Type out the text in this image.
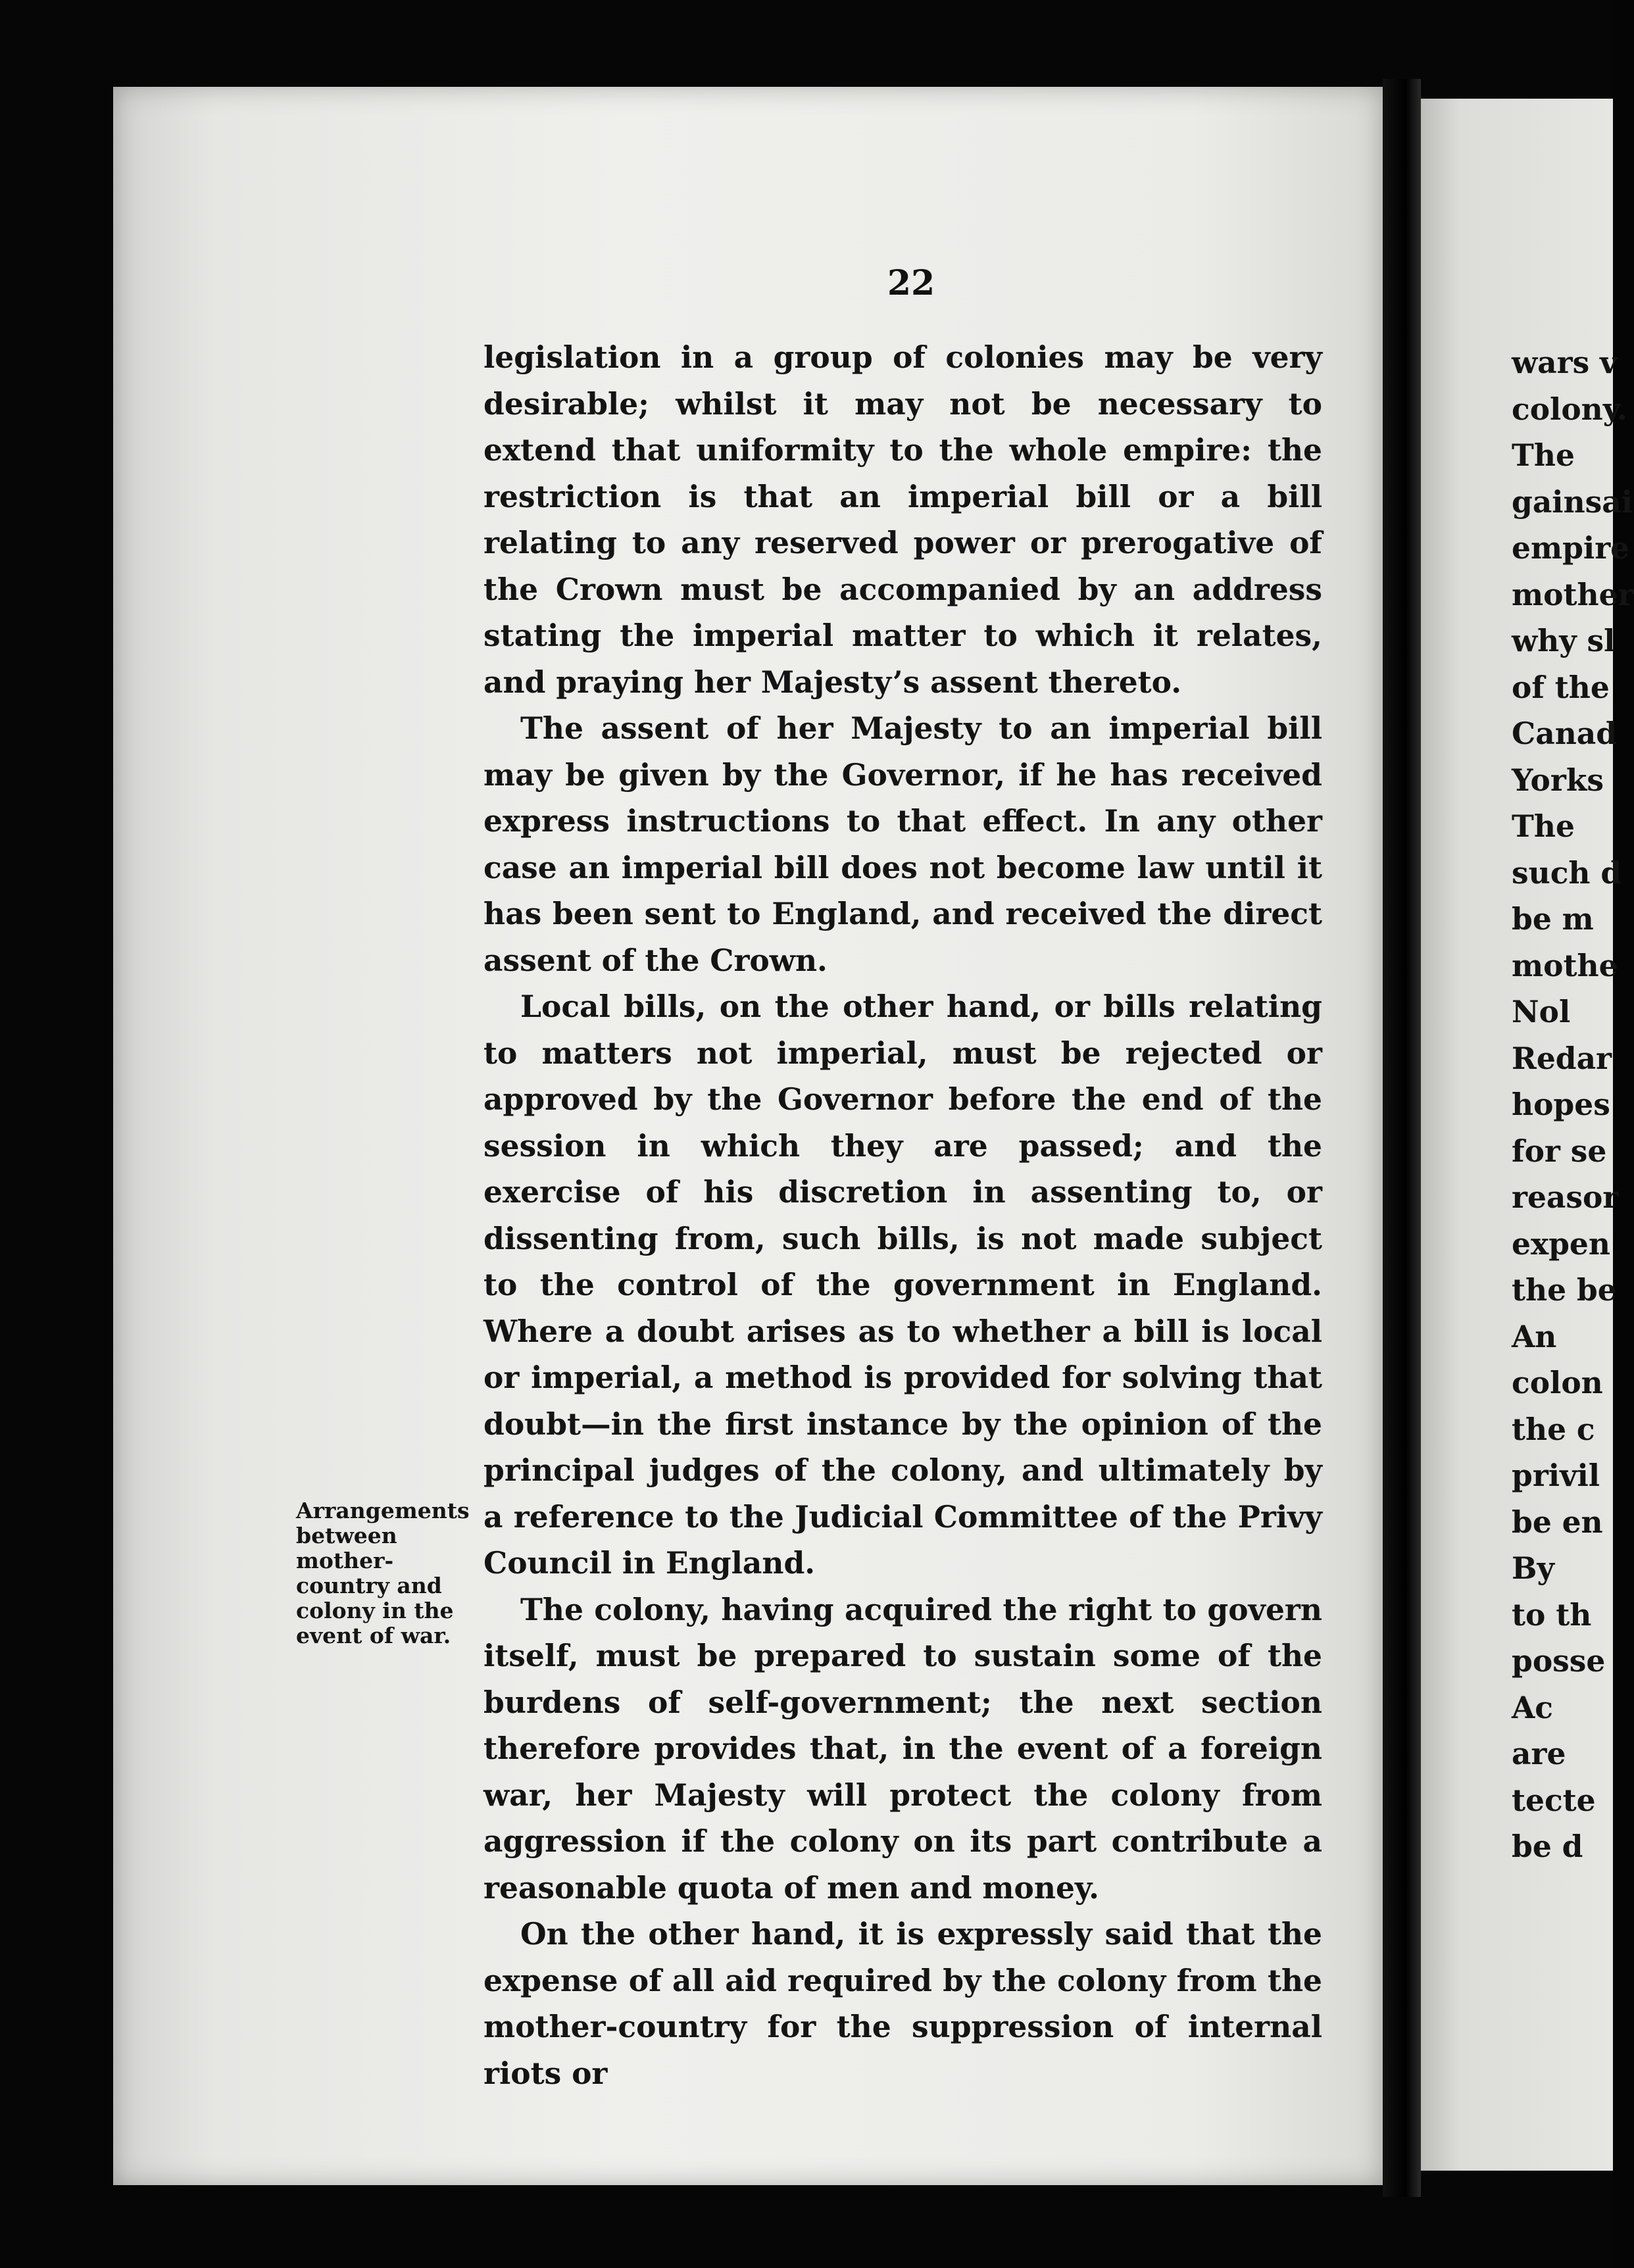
22

legislation in a group of colonies may be very desirable; whilst it may not be necessary to extend that uniformity to the whole empire: the restriction is that an imperial bill or a bill relating to any reserved power or prerogative of the Crown must be accompanied by an address stating the imperial matter to which it relates, and praying her Majesty’s assent thereto.

The assent of her Majesty to an imperial bill may be given by the Governor, if he has received express instructions to that effect. In any other case an imperial bill does not become law until it has been sent to England, and received the direct assent of the Crown.

Local bills, on the other hand, or bills relating to matters not imperial, must be rejected or approved by the Governor before the end of the session in which they are passed; and the exercise of his discretion in assenting to, or dissenting from, such bills, is not made subject to the control of the government in England. Where a doubt arises as to whether a bill is local or imperial, a method is provided for solving that doubt—in the first instance by the opinion of the principal judges of the colony, and ultimately by a reference to the Judicial Committee of the Privy Council in England.

The colony, having acquired the right to govern itself, must be prepared to sustain some of the burdens of self-government; the next section therefore provides that, in the event of a foreign war, her Majesty will protect the colony from aggression if the colony on its part contribute a reasonable quota of men and money.

On the other hand, it is expressly said that the expense of all aid required by the colony from the mother-country for the suppression of internal riots or

Arrangements
between
mother-
country and
colony in the
event of war.
wars v
colony.
The
gainsai
empire
mother
why sl
of the
Canad
Yorks
The
such d
be m
mothe
Nol
Redar
hopes
for se
reasor
expen
the be
An
colon
the c
privil
be en
By
to th
posse
Ac
are
tecte
be d
